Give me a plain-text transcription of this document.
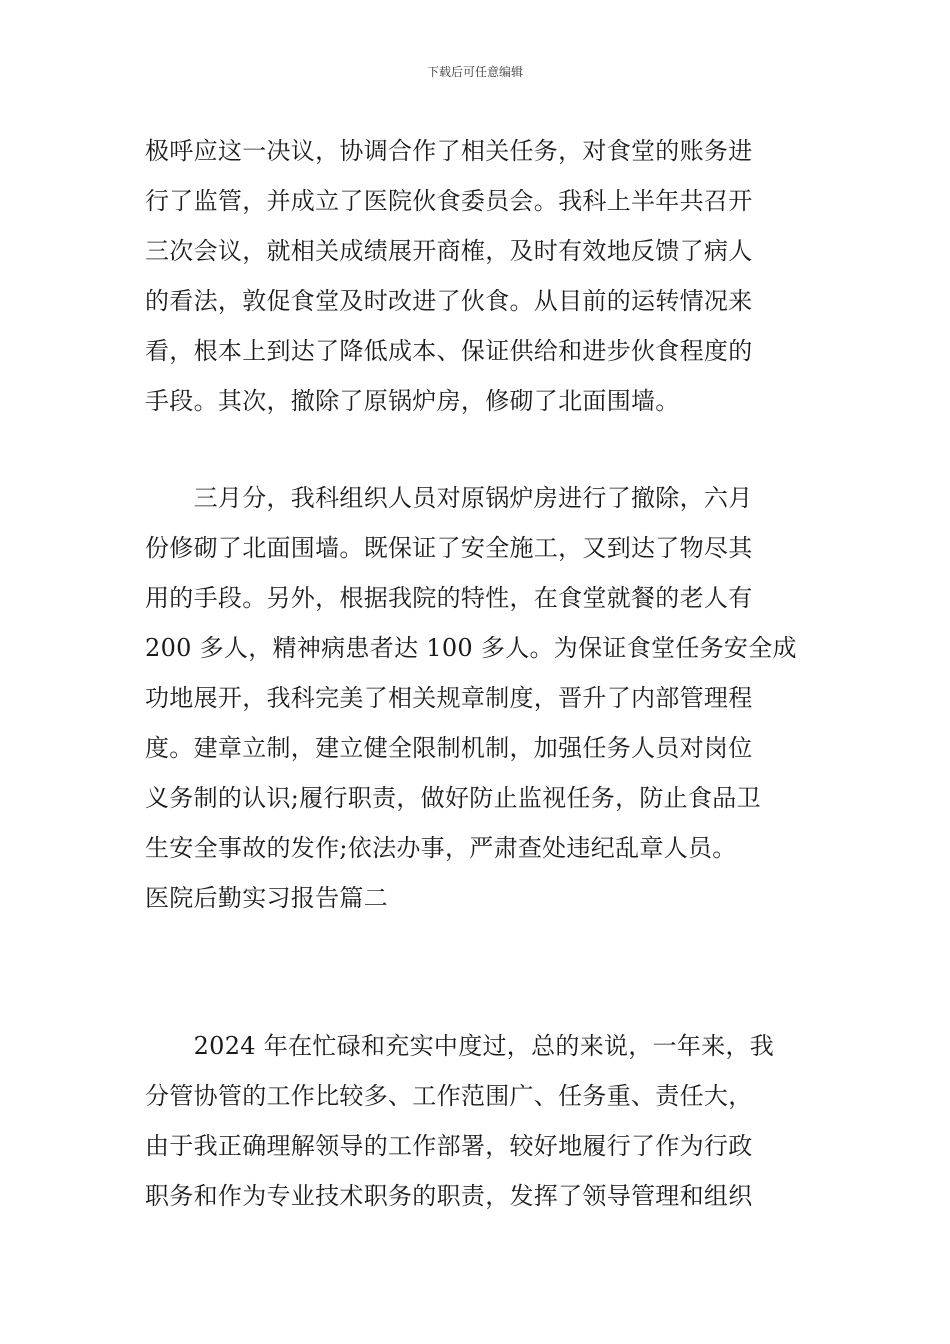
下载后可任意编辑
极呼应这一决议，协调合作了相关任务，对食堂的账务进
行了监管，并成立了医院伙食委员会。我科上半年共召开
三次会议，就相关成绩展开商榷，及时有效地反馈了病人
的看法，敦促食堂及时改进了伙食。从目前的运转情况来
看，根本上到达了降低成本、保证供给和进步伙食程度的
手段。其次，撤除了原锅炉房，修砌了北面围墙。
　　三月分，我科组织人员对原锅炉房进行了撤除，六月
份修砌了北面围墙。既保证了安全施工，又到达了物尽其
用的手段。另外，根据我院的特性，在食堂就餐的老人有
200 多人，精神病患者达 100 多人。为保证食堂任务安全成
功地展开，我科完美了相关规章制度，晋升了内部管理程
度。建章立制，建立健全限制机制，加强任务人员对岗位
义务制的认识;履行职责，做好防止监视任务，防止食品卫
生安全事故的发作;依法办事，严肃查处违纪乱章人员。
医院后勤实习报告篇二
　　2024 年在忙碌和充实中度过，总的来说，一年来，我
分管协管的工作比较多、工作范围广、任务重、责任大，
由于我正确理解领导的工作部署，较好地履行了作为行政
职务和作为专业技术职务的职责，发挥了领导管理和组织
